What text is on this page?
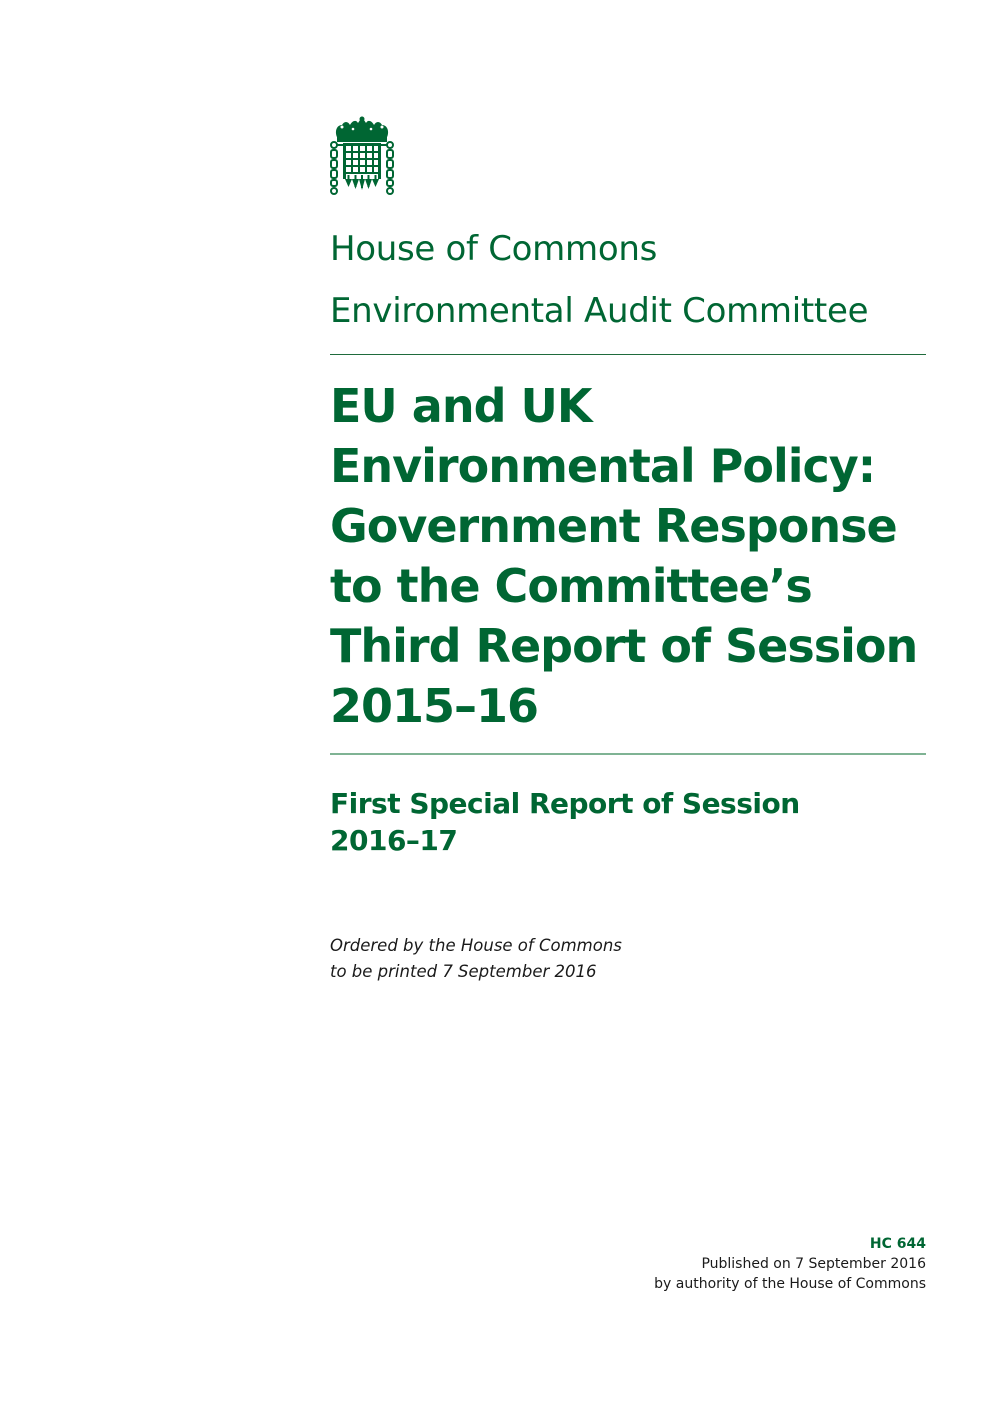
House of Commons

Environmental Audit Committee

EU and UK
Environmental Policy:
Government Response
to the Committee’s
Third Report of Session
2015–16
First Special Report of Session
2016–17
Ordered by the House of Commons
to be printed 7 September 2016
HC 644
Published on 7 September 2016
by authority of the House of Commons
